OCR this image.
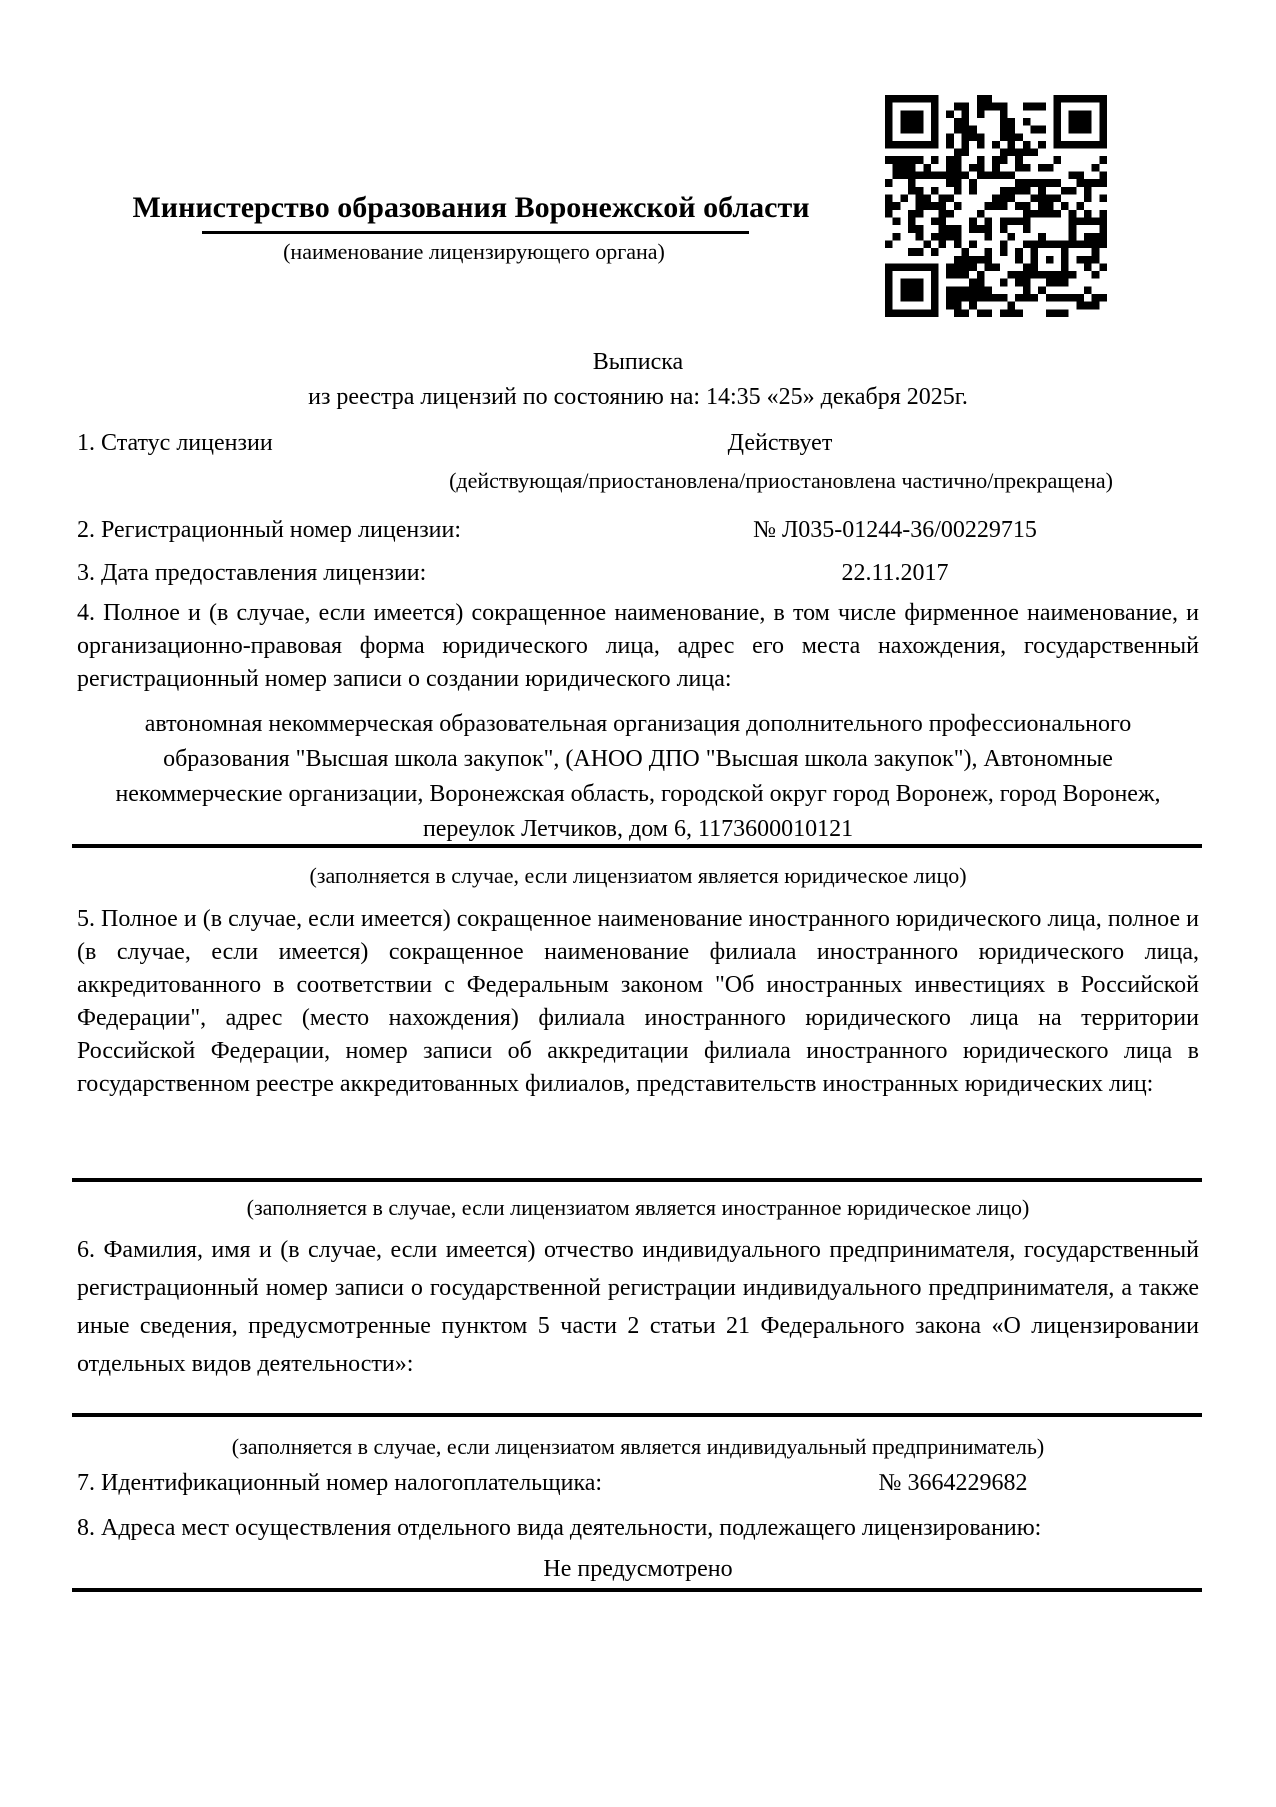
Министерство образования Воронежской области
(наименование лицензирующего органа)
Выписка
из реестра лицензий по состоянию на: 14:35 «25» декабря 2025г.
1. Статус лицензии	Действует
(действующая/приостановлена/приостановлена частично/прекращена)
2. Регистрационный номер лицензии:	№ Л035-01244-36/00229715
3. Дата предоставления лицензии:	22.11.2017
4. Полное и (в случае, если имеется) сокращенное наименование, в том числе фирменное наименование, и организационно-правовая форма юридического лица, адрес его места нахождения, государственный регистрационный номер записи о создании юридического лица:
автономная некоммерческая образовательная организация дополнительного профессионального образования "Высшая школа закупок", (АНОО ДПО "Высшая школа закупок"), Автономные некоммерческие организации, Воронежская область, городской округ город Воронеж, город Воронеж, переулок Летчиков, дом 6, 1173600010121
(заполняется в случае, если лицензиатом является юридическое лицо)
5. Полное и (в случае, если имеется) сокращенное наименование иностранного юридического лица, полное и (в случае, если имеется) сокращенное наименование филиала иностранного юридического лица, аккредитованного в соответствии с Федеральным законом "Об иностранных инвестициях в Российской Федерации", адрес (место нахождения) филиала иностранного юридического лица на территории Российской Федерации, номер записи об аккредитации филиала иностранного юридического лица в государственном реестре аккредитованных филиалов, представительств иностранных юридических лиц:
(заполняется в случае, если лицензиатом является иностранное юридическое лицо)
6. Фамилия, имя и (в случае, если имеется) отчество индивидуального предпринимателя, государственный регистрационный номер записи о государственной регистрации индивидуального предпринимателя, а также иные сведения, предусмотренные пунктом 5 части 2 статьи 21 Федерального закона «О лицензировании отдельных видов деятельности»:
(заполняется в случае, если лицензиатом является индивидуальный предприниматель)
7. Идентификационный номер налогоплательщика:	№ 3664229682
8. Адреса мест осуществления отдельного вида деятельности, подлежащего лицензированию:
Не предусмотрено
